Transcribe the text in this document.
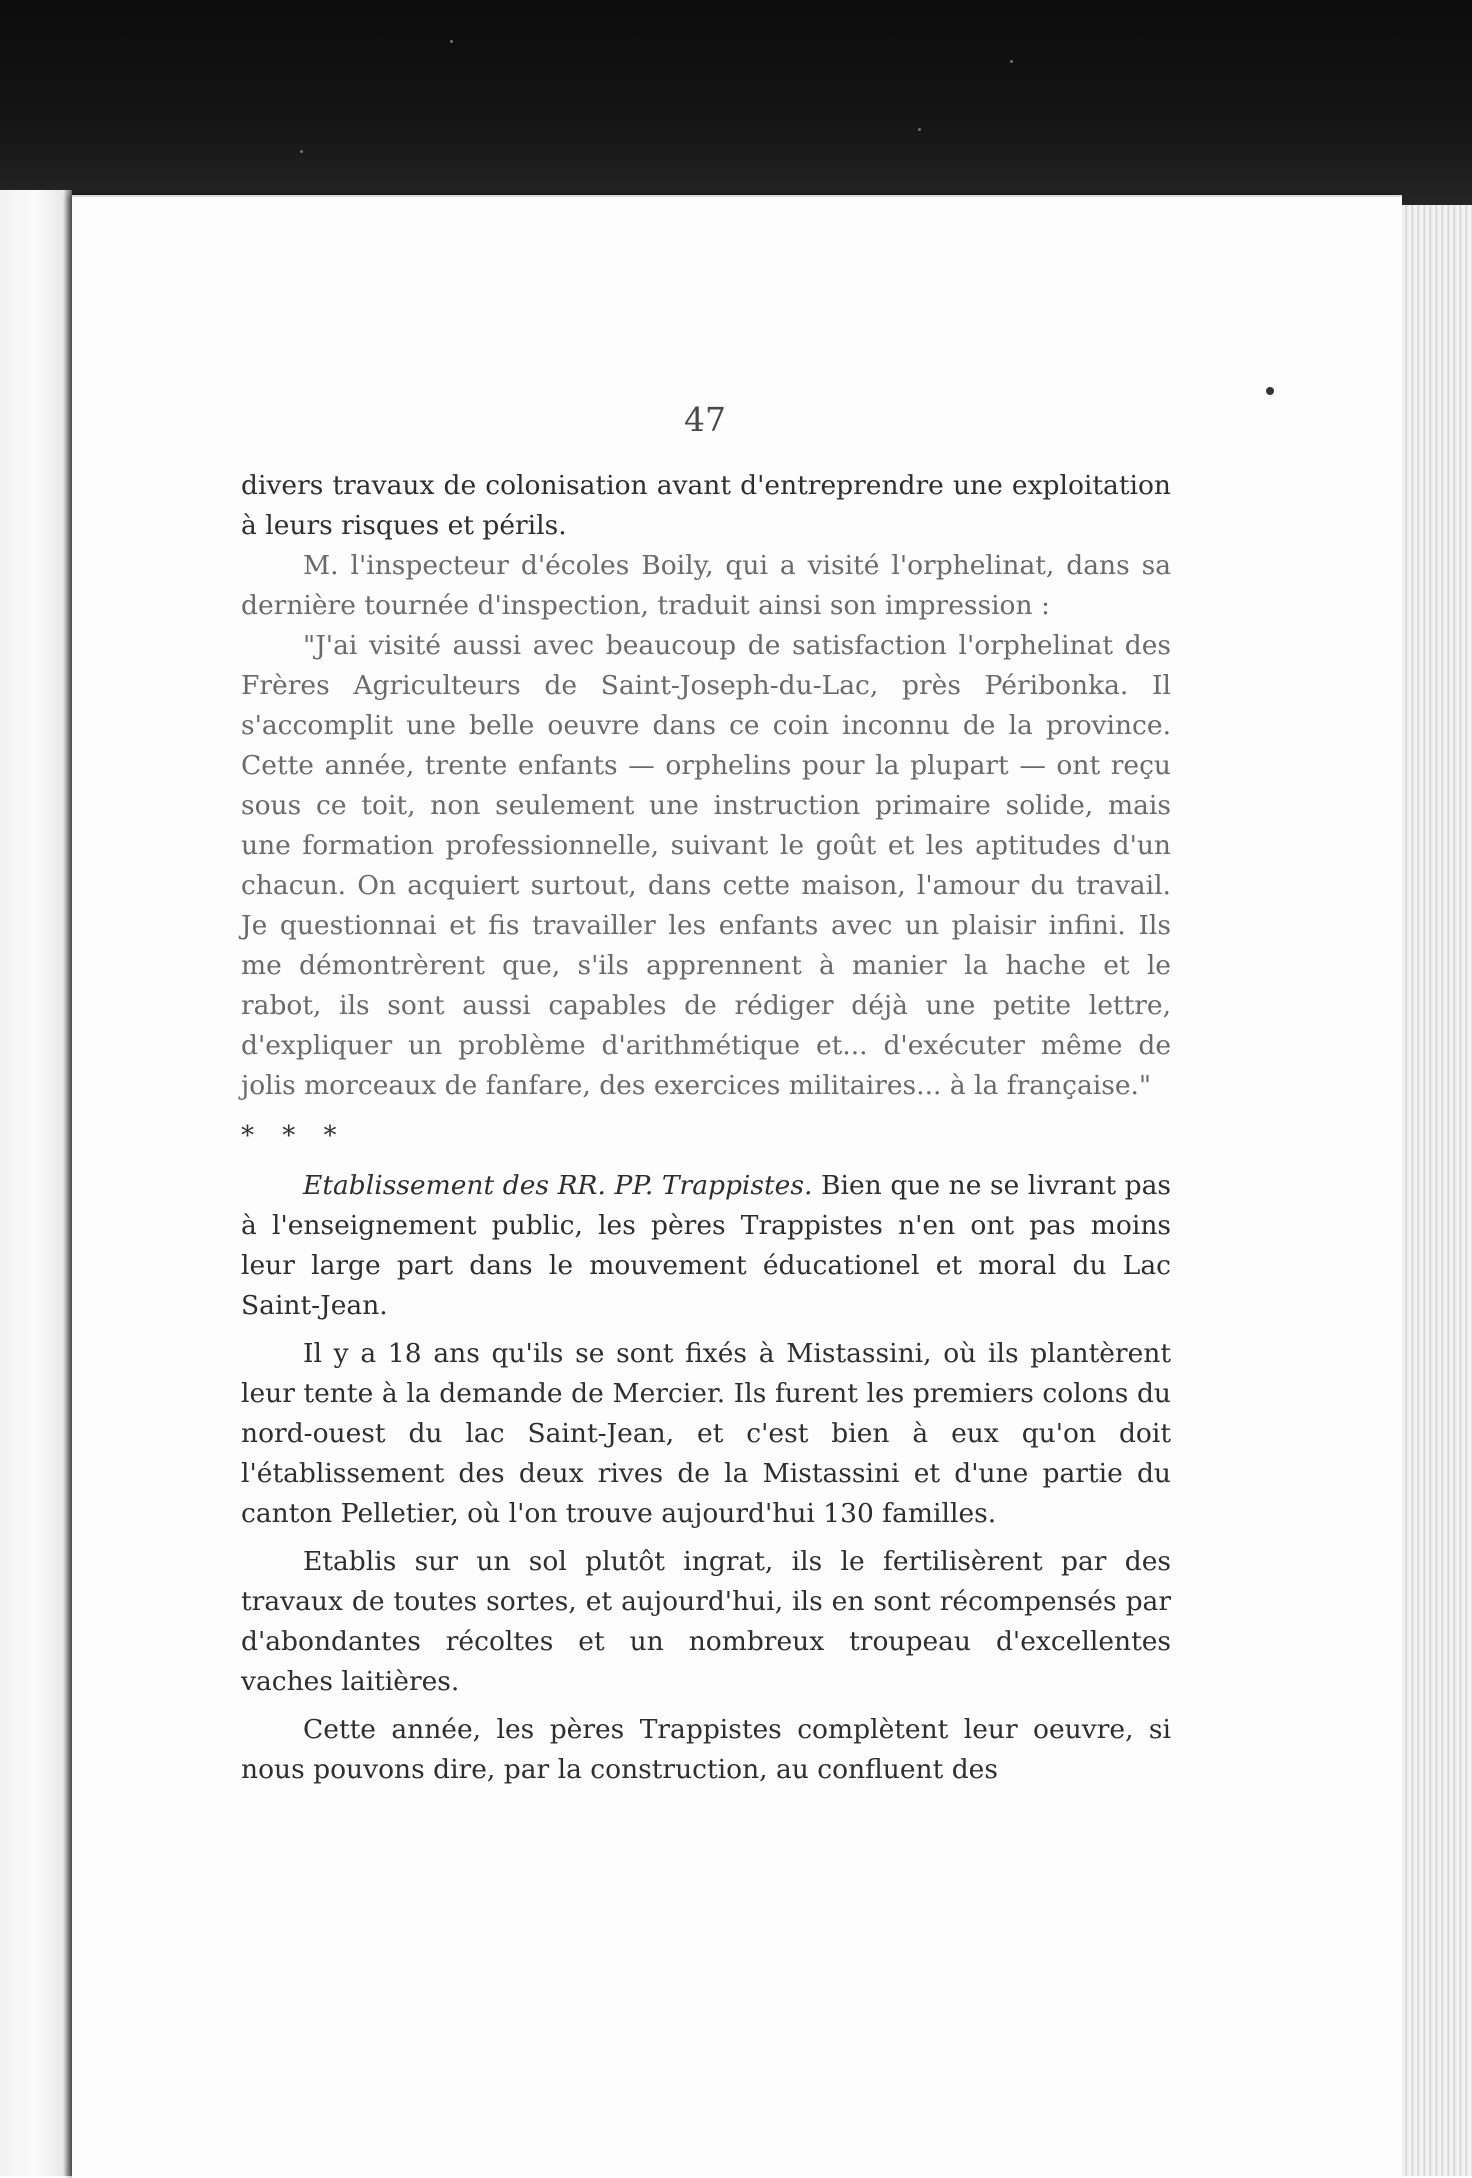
47

divers travaux de colonisation avant d'entreprendre une exploitation à leurs risques et périls.

M. l'inspecteur d'écoles Boily, qui a visité l'orphelinat, dans sa dernière tournée d'inspection, traduit ainsi son impression :

"J'ai visité aussi avec beaucoup de satisfaction l'orphelinat des Frères Agriculteurs de Saint-Joseph-du-Lac, près Péribonka. Il s'accomplit une belle oeuvre dans ce coin inconnu de la province. Cette année, trente enfants — orphelins pour la plupart — ont reçu sous ce toit, non seulement une instruction primaire solide, mais une formation professionnelle, suivant le goût et les aptitudes d'un chacun. On acquiert surtout, dans cette maison, l'amour du travail. Je questionnai et fis travailler les enfants avec un plaisir infini. Ils me démontrèrent que, s'ils apprennent à manier la hache et le rabot, ils sont aussi capables de rédiger déjà une petite lettre, d'expliquer un problème d'arithmétique et... d'exécuter même de jolis morceaux de fanfare, des exercices militaires... à la française."

* * *

Etablissement des RR. PP. Trappistes. Bien que ne se livrant pas à l'enseignement public, les pères Trappistes n'en ont pas moins leur large part dans le mouvement éducationel et moral du Lac Saint-Jean.

Il y a 18 ans qu'ils se sont fixés à Mistassini, où ils plantèrent leur tente à la demande de Mercier. Ils furent les premiers colons du nord-ouest du lac Saint-Jean, et c'est bien à eux qu'on doit l'établissement des deux rives de la Mistassini et d'une partie du canton Pelletier, où l'on trouve aujourd'hui 130 familles.

Etablis sur un sol plutôt ingrat, ils le fertilisèrent par des travaux de toutes sortes, et aujourd'hui, ils en sont récompensés par d'abondantes récoltes et un nombreux troupeau d'excellentes vaches laitières.

Cette année, les pères Trappistes complètent leur oeuvre, si nous pouvons dire, par la construction, au confluent des
